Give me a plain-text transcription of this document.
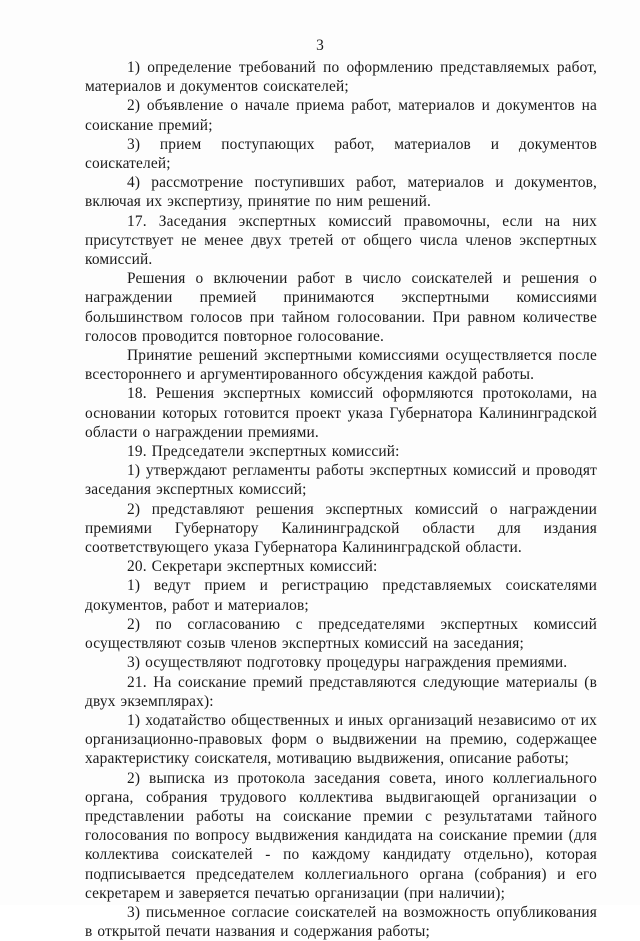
3

1) определение требований по оформлению представляемых работ, материалов и документов соискателей;

2) объявление о начале приема работ, материалов и документов на соискание премий;

3) прием поступающих работ, материалов и документов соискателей;

4) рассмотрение поступивших работ, материалов и документов, включая их экспертизу, принятие по ним решений.

17. Заседания экспертных комиссий правомочны, если на них присутствует не менее двух третей от общего числа членов экспертных комиссий.

Решения о включении работ в число соискателей и решения о награждении премией принимаются экспертными комиссиями большинством голосов при тайном голосовании. При равном количестве голосов проводится повторное голосование.

Принятие решений экспертными комиссиями осуществляется после всестороннего и аргументированного обсуждения каждой работы.

18. Решения экспертных комиссий оформляются протоколами, на основании которых готовится проект указа Губернатора Калининградской области о награждении премиями.

19. Председатели экспертных комиссий:

1) утверждают регламенты работы экспертных комиссий и проводят заседания экспертных комиссий;

2) представляют решения экспертных комиссий о награждении премиями Губернатору Калининградской области для издания соответствующего указа Губернатора Калининградской области.

20. Секретари экспертных комиссий:

1) ведут прием и регистрацию представляемых соискателями документов, работ и материалов;

2) по согласованию с председателями экспертных комиссий осуществляют созыв членов экспертных комиссий на заседания;

3) осуществляют подготовку процедуры награждения премиями.

21. На соискание премий представляются следующие материалы (в двух экземплярах):

1) ходатайство общественных и иных организаций независимо от их организационно-правовых форм о выдвижении на премию, содержащее характеристику соискателя, мотивацию выдвижения, описание работы;

2) выписка из протокола заседания совета, иного коллегиального органа, собрания трудового коллектива выдвигающей организации о представлении работы на соискание премии с результатами тайного голосования по вопросу выдвижения кандидата на соискание премии (для коллектива соискателей - по каждому кандидату отдельно), которая подписывается председателем коллегиального органа (собрания) и его секретарем и заверяется печатью организации (при наличии);

3) письменное согласие соискателей на возможность опубликования в открытой печати названия и содержания работы;
